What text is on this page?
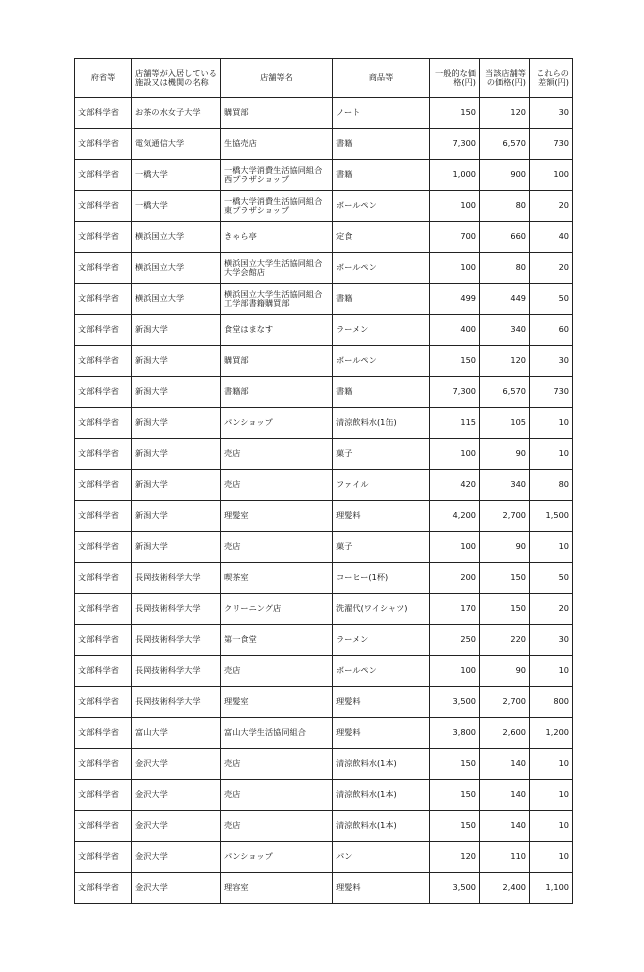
府省等	店舗等が入居している施設又は機関の名称	店舗等名	商品等	一般的な価格(円)	当該店舗等の価格(円)	これらの差額(円)
文部科学省	お茶の水女子大学	購買部	ノート	150	120	30
文部科学省	電気通信大学	生協売店	書籍	7,300	6,570	730
文部科学省	一橋大学	一橋大学消費生活協同組合西プラザショップ	書籍	1,000	900	100
文部科学省	一橋大学	一橋大学消費生活協同組合東プラザショップ	ボールペン	100	80	20
文部科学省	横浜国立大学	きゃら亭	定食	700	660	40
文部科学省	横浜国立大学	横浜国立大学生活協同組合大学会館店	ボールペン	100	80	20
文部科学省	横浜国立大学	横浜国立大学生活協同組合工学部書籍購買部	書籍	499	449	50
文部科学省	新潟大学	食堂はまなす	ラーメン	400	340	60
文部科学省	新潟大学	購買部	ボールペン	150	120	30
文部科学省	新潟大学	書籍部	書籍	7,300	6,570	730
文部科学省	新潟大学	パンショップ	清涼飲料水(1缶)	115	105	10
文部科学省	新潟大学	売店	菓子	100	90	10
文部科学省	新潟大学	売店	ファイル	420	340	80
文部科学省	新潟大学	理髪室	理髪料	4,200	2,700	1,500
文部科学省	新潟大学	売店	菓子	100	90	10
文部科学省	長岡技術科学大学	喫茶室	コーヒー(1杯)	200	150	50
文部科学省	長岡技術科学大学	クリーニング店	洗濯代(ワイシャツ)	170	150	20
文部科学省	長岡技術科学大学	第一食堂	ラーメン	250	220	30
文部科学省	長岡技術科学大学	売店	ボールペン	100	90	10
文部科学省	長岡技術科学大学	理髪室	理髪料	3,500	2,700	800
文部科学省	富山大学	富山大学生活協同組合	理髪料	3,800	2,600	1,200
文部科学省	金沢大学	売店	清涼飲料水(1本)	150	140	10
文部科学省	金沢大学	売店	清涼飲料水(1本)	150	140	10
文部科学省	金沢大学	売店	清涼飲料水(1本)	150	140	10
文部科学省	金沢大学	パンショップ	パン	120	110	10
文部科学省	金沢大学	理容室	理髪料	3,500	2,400	1,100
